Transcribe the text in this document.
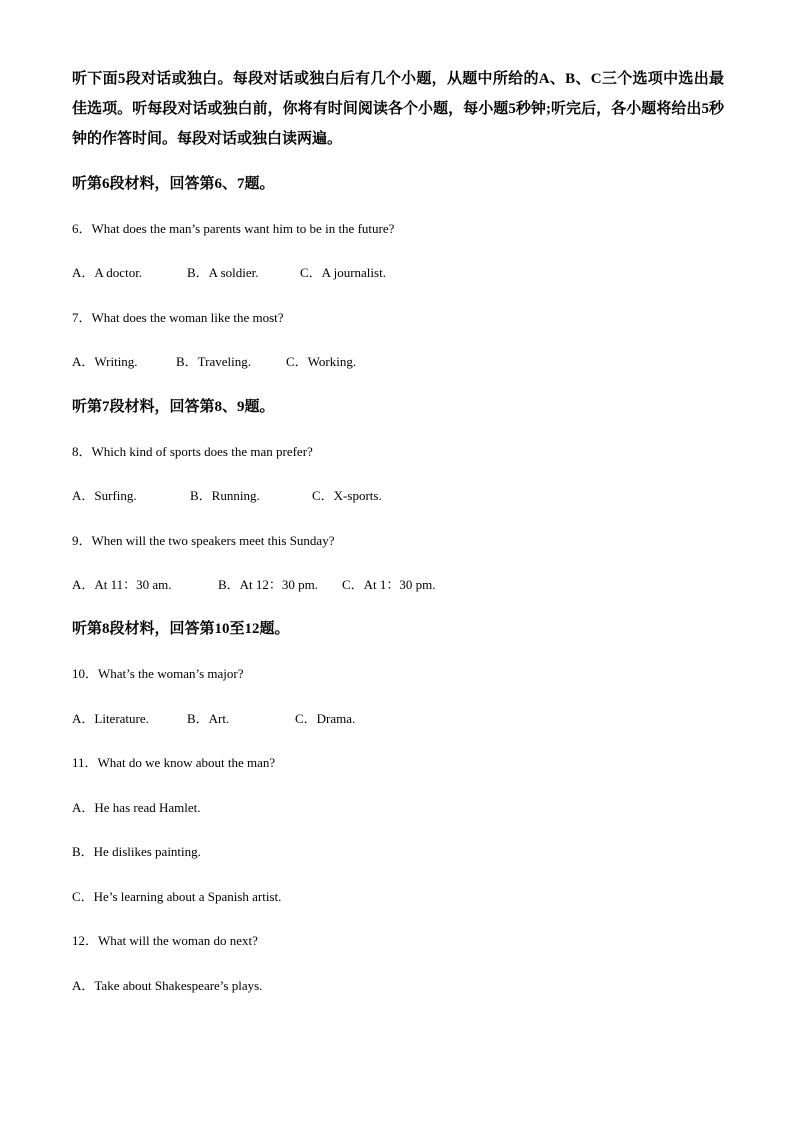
听下面5段对话或独白。每段对话或独白后有几个小题，从题中所给的A、B、C三个选项中选出最佳选项。听每段对话或独白前，你将有时间阅读各个小题，每小题5秒钟;听完后，各小题将给出5秒钟的作答时间。每段对话或独白读两遍。
听第6段材料，回答第6、7题。
6．What does the man’s parents want him to be in the future?
A．A doctor.	B．A soldier.	C．A journalist.
7．What does the woman like the most?
A．Writing.	B．Traveling.	C．Working.
听第7段材料，回答第8、9题。
8．Which kind of sports does the man prefer?
A．Surfing.	B．Running.	C．X-sports.
9．When will the two speakers meet this Sunday?
A．At 11：30 am.	B．At 12：30 pm. C．At 1：30 pm.
听第8段材料，回答第10至12题。
10．What’s the woman’s major?
A．Literature.	B．Art.	C．Drama.
11．What do we know about the man?
A．He has read Hamlet.
B．He dislikes painting.
C．He’s learning about a Spanish artist.
12．What will the woman do next?
A．Take about Shakespeare’s plays.
